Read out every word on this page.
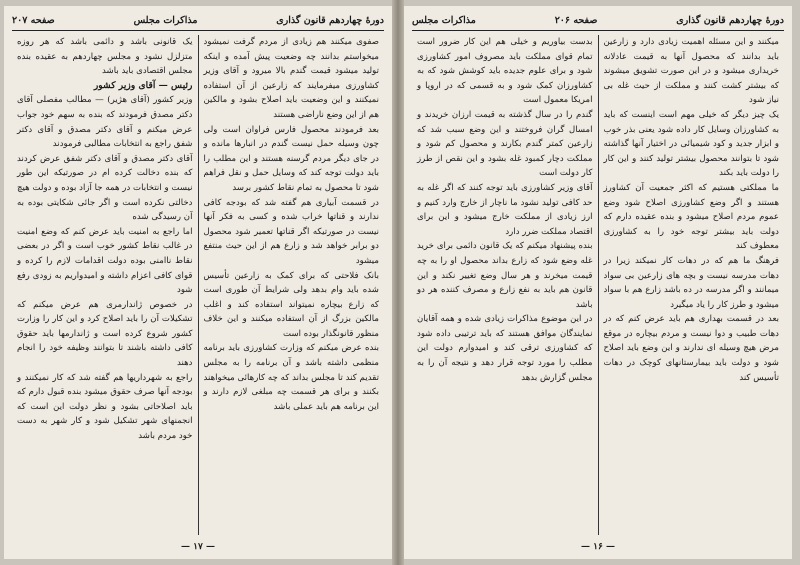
دورهٔ چهاردهم قانون گذاری
مذاکرات مجلس
صفحه ۲۰۷

صفوی میکنند هم زیادی از مردم گرفت نمیشود میخواستم بدانند چه وضعیت پیش آمده و اینکه تولید میشود قیمت گندم بالا میرود و آقای وزیر کشاورزی میفرمایند که زارعین از آن استفاده نمیکنند و این وضعیت باید اصلاح بشود و مالکین هم از این وضع ناراضی هستند

بعد فرمودند محصول فارس فراوان است ولی چون وسیله حمل نیست گندم در انبارها مانده و در جای دیگر مردم گرسنه هستند و این مطلب را باید دولت توجه کند که وسایل حمل و نقل فراهم شود تا محصول به تمام نقاط کشور برسد

در قسمت آبیاری هم گفته شد که بودجه کافی ندارند و قناتها خراب شده و کسی به فکر آنها نیست در صورتیکه اگر قناتها تعمیر شود محصول دو برابر خواهد شد و زارع هم از این حیث منتفع میشود

بانک فلاحتی که برای کمک به زارعین تأسیس شده باید وام بدهد ولی شرایط آن طوری است که زارع بیچاره نمیتواند استفاده کند و اغلب مالکین بزرگ از آن استفاده میکنند و این خلاف منظور قانونگذار بوده است

بنده عرض میکنم که وزارت کشاورزی باید برنامه منظمی داشته باشد و آن برنامه را به مجلس تقدیم کند تا مجلس بداند که چه کارهائی میخواهند بکنند و برای هر قسمت چه مبلغی لازم دارند و این برنامه هم باید عملی باشد

یک قانونی باشد و دائمی باشد که هر روزه متزلزل نشود و مجلس چهاردهم به عقیده بنده مجلس اقتصادی باید باشد

رئیس — آقای وزیر کشور

وزیر کشور (آقای هژیر) — مطالب مفصلی آقای دکتر مصدق فرمودند که بنده به سهم خود جواب عرض میکنم و آقای دکتر مصدق و آقای دکتر شفق راجع به انتخابات مطالبی فرمودند

آقای دکتر مصدق و آقای دکتر شفق عرض کردند که بنده دخالت کرده ام در صورتیکه این طور نیست و انتخابات در همه جا آزاد بوده و دولت هیچ دخالتی نکرده است و اگر جائی شکایتی بوده به آن رسیدگی شده

اما راجع به امنیت باید عرض کنم که وضع امنیت در غالب نقاط کشور خوب است و اگر در بعضی نقاط ناامنی بوده دولت اقدامات لازم را کرده و قوای کافی اعزام داشته و امیدواریم به زودی رفع شود

در خصوص ژاندارمری هم عرض میکنم که تشکیلات آن را باید اصلاح کرد و این کار را وزارت کشور شروع کرده است و ژاندارمها باید حقوق کافی داشته باشند تا بتوانند وظیفه خود را انجام دهند

راجع به شهرداریها هم گفته شد که کار نمیکنند و بودجه آنها صرف حقوق میشود بنده قبول دارم که باید اصلاحاتی بشود و نظر دولت این است که انجمنهای شهر تشکیل شود و کار شهر به دست خود مردم باشد

— ۱۷ —
دورهٔ چهاردهم قانون گذاری
صفحه ۲۰۶
مذاکرات مجلس

میکنند و این مسئله اهمیت زیادی دارد و زارعین باید بدانند که محصول آنها به قیمت عادلانه خریداری میشود و در این صورت تشویق میشوند که بیشتر کشت کنند و مملکت از حیث غله بی نیاز شود

یک چیز دیگر که خیلی مهم است اینست که باید به کشاورزان وسایل کار داده شود یعنی بذر خوب و ابزار جدید و کود شیمیائی در اختیار آنها گذاشته شود تا بتوانند محصول بیشتر تولید کنند و این کار را دولت باید بکند

ما مملکتی هستیم که اکثر جمعیت آن کشاورز هستند و اگر وضع کشاورزی اصلاح شود وضع عموم مردم اصلاح میشود و بنده عقیده دارم که دولت باید بیشتر توجه خود را به کشاورزی معطوف کند

فرهنگ ما هم که در دهات کار نمیکند زیرا در دهات مدرسه نیست و بچه های زارعین بی سواد میمانند و اگر مدرسه در ده باشد زارع هم با سواد میشود و طرز کار را یاد میگیرد

بعد در قسمت بهداری هم باید عرض کنم که در دهات طبیب و دوا نیست و مردم بیچاره در موقع مرض هیچ وسیله ای ندارند و این وضع باید اصلاح شود و دولت باید بیمارستانهای کوچک در دهات تأسیس کند

بدست بیاوریم و خیلی هم این کار ضرور است تمام قوای مملکت باید مصروف امور کشاورزی شود و برای علوم جدیده باید کوشش شود که به کشاورزان کمک شود و به قسمی که در اروپا و امریکا معمول است

گندم را در سال گذشته به قیمت ارزان خریدند و امسال گران فروختند و این وضع سبب شد که زارعین کمتر گندم بکارند و محصول کم شود و مملکت دچار کمبود غله بشود و این نقص از طرز کار دولت است

آقای وزیر کشاورزی باید توجه کنند که اگر غله به حد کافی تولید نشود ما ناچار از خارج وارد کنیم و ارز زیادی از مملکت خارج میشود و این برای اقتصاد مملکت ضرر دارد

بنده پیشنهاد میکنم که یک قانون دائمی برای خرید غله وضع شود که زارع بداند محصول او را به چه قیمت میخرند و هر سال وضع تغییر نکند و این قانون هم باید به نفع زارع و مصرف کننده هر دو باشد

در این موضوع مذاکرات زیادی شده و همه آقایان نمایندگان موافق هستند که باید ترتیبی داده شود که کشاورزی ترقی کند و امیدوارم دولت این مطلب را مورد توجه قرار دهد و نتیجه آن را به مجلس گزارش بدهد

— ۱۶ —
